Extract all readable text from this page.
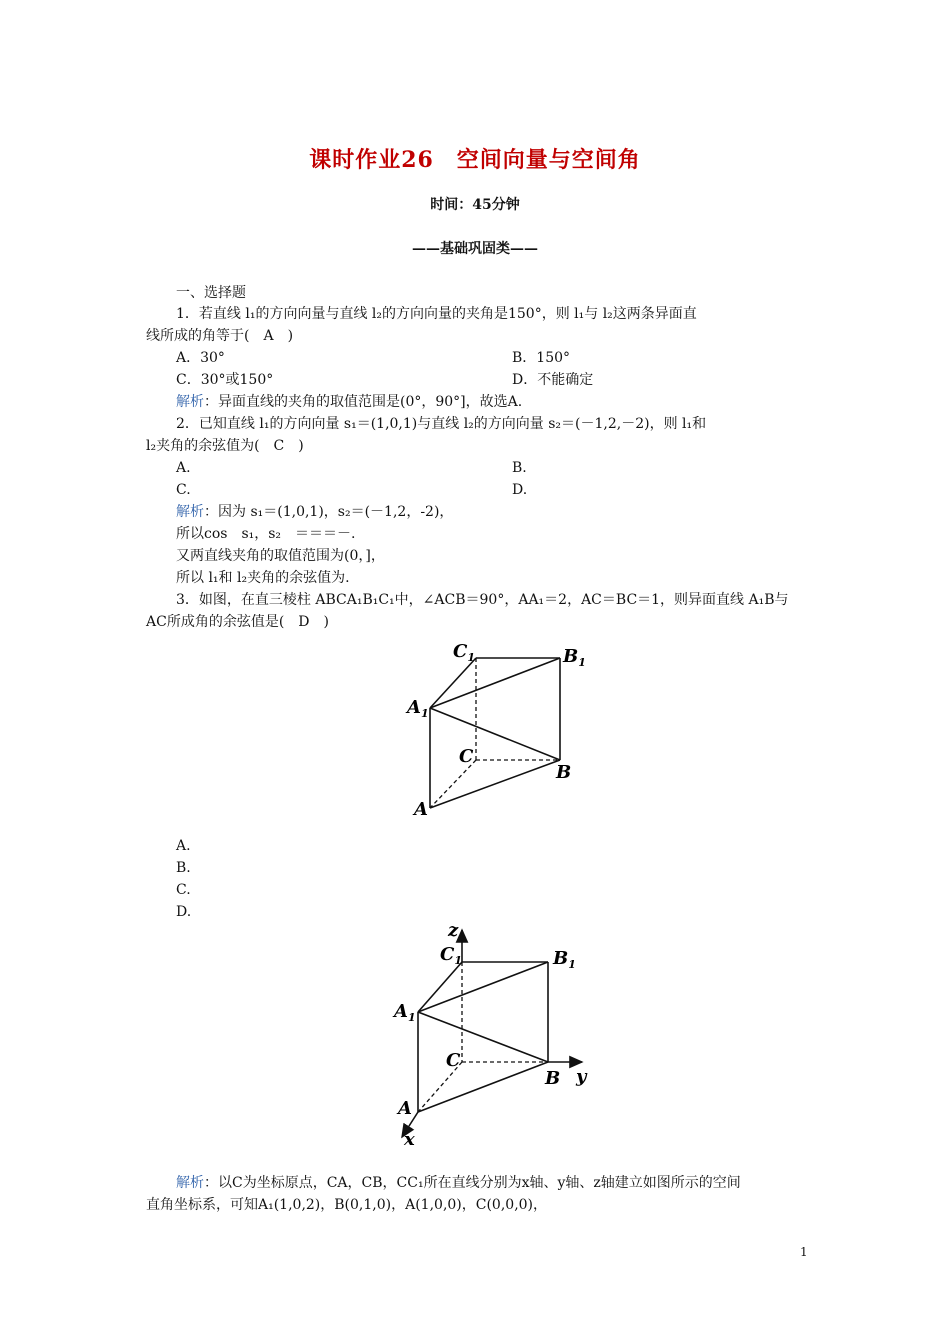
课时作业26　空间向量与空间角
时间：45分钟
——基础巩固类——
一、选择题
1．若直线 l₁的方向向量与直线 l₂的方向向量的夹角是150°，则 l₁与 l₂这两条异面直
线所成的角等于(　A　)
A．30°	B．150°
C．30°或150°	D．不能确定
解析：异面直线的夹角的取值范围是(0°，90°]，故选A.
2．已知直线 l₁的方向向量 s₁＝(1,0,1)与直线 l₂的方向向量 s₂＝(－1,2,－2)，则 l₁和
l₂夹角的余弦值为(　C　)
A.	B.
C.	D.
解析：因为 s₁＝(1,0,1)，s₂＝(－1,2，-2)，
所以cos　s₁，s₂　＝＝＝－.
又两直线夹角的取值范围为(0，]，
所以 l₁和 l₂夹角的余弦值为.
3．如图，在直三棱柱 ABCA₁B₁C₁中，∠ACB＝90°，AA₁＝2，AC＝BC＝1，则异面直线 A₁B与
AC所成角的余弦值是(　D　)
$C_1$	$B_1$
$A_1$
C
B
A
A.
B.
C.
D.
z
y
x
$C_1$	$B_1$
$A_1$
C
B
A
解析：以C为坐标原点，CA，CB，CC₁所在直线分别为x轴、y轴、z轴建立如图所示的空间
直角坐标系，可知A₁(1,0,2)，B(0,1,0)，A(1,0,0)，C(0,0,0)，
1
